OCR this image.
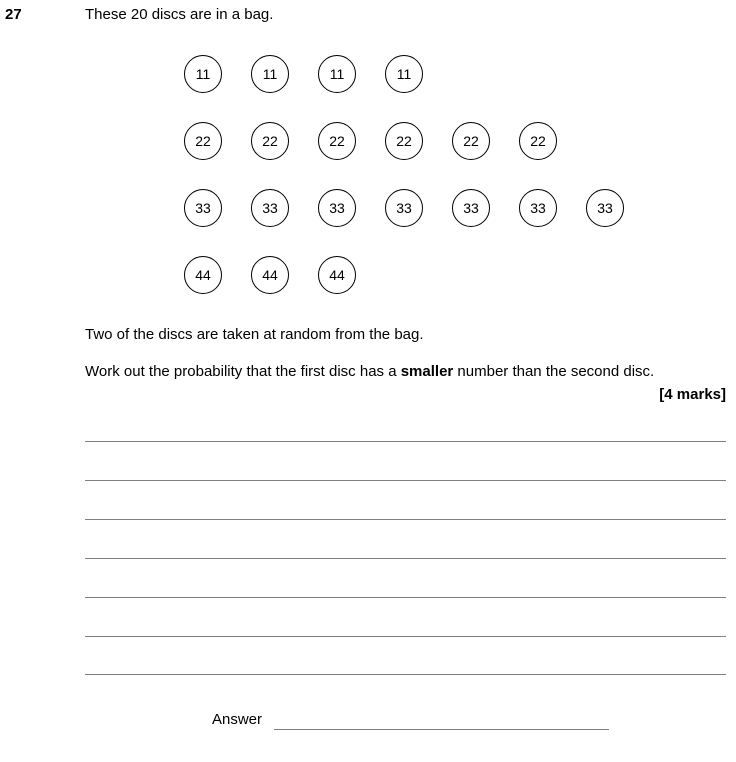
27	These 20 discs are in a bag.
11	11	11	11
22	22	22	22	22	22
33	33	33	33	33	33	33
44	44	44
Two of the discs are taken at random from the bag.
Work out the probability that the first disc has a smaller number than the second disc.
[4 marks]
Answer
